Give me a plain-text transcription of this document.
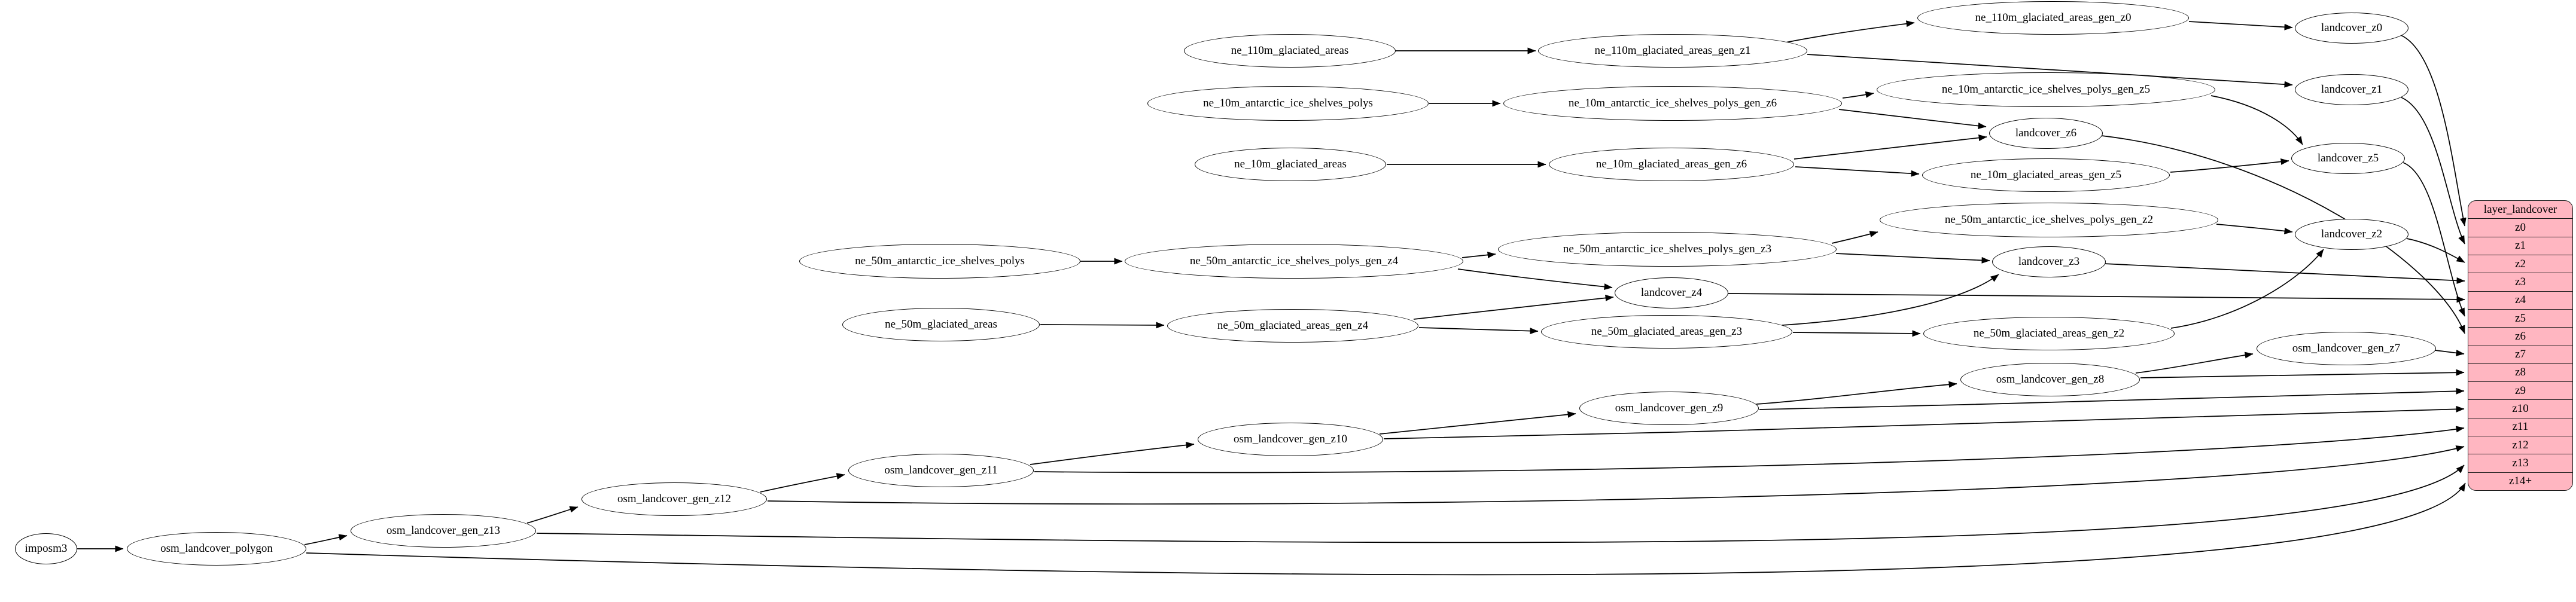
imposm3	osm_landcover_polygon
osm_landcover_gen_z13
osm_landcover_gen_z12
osm_landcover_gen_z11
osm_landcover_gen_z10
osm_landcover_gen_z9
osm_landcover_gen_z8
osm_landcover_gen_z7
ne_50m_glaciated_areas	ne_50m_glaciated_areas_gen_z4	ne_50m_glaciated_areas_gen_z3	ne_50m_glaciated_areas_gen_z2
ne_50m_antarctic_ice_shelves_polys	ne_50m_antarctic_ice_shelves_polys_gen_z4
ne_50m_antarctic_ice_shelves_polys_gen_z3
ne_50m_antarctic_ice_shelves_polys_gen_z2
landcover_z4
landcover_z3
landcover_z2
ne_10m_glaciated_areas	ne_10m_glaciated_areas_gen_z6
ne_10m_glaciated_areas_gen_z5
landcover_z5
landcover_z6
ne_10m_antarctic_ice_shelves_polys	ne_10m_antarctic_ice_shelves_polys_gen_z6
ne_10m_antarctic_ice_shelves_polys_gen_z5	landcover_z1
landcover_z0
ne_110m_glaciated_areas	ne_110m_glaciated_areas_gen_z1
ne_110m_glaciated_areas_gen_z0
layer_landcover
z0
z1
z2
z3
z4
z5
z6
z7
z8
z9
z10
z11
z12
z13
z14+
